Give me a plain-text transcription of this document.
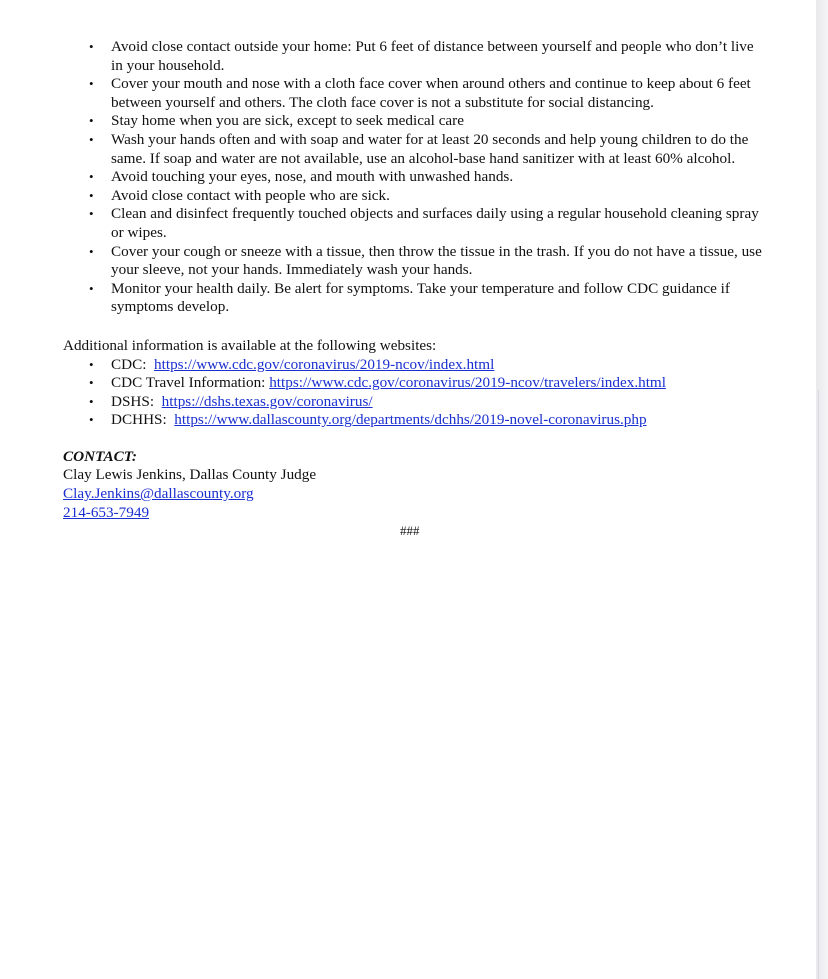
• Avoid close contact outside your home: Put 6 feet of distance between yourself and people who don’t live in your household.
• Cover your mouth and nose with a cloth face cover when around others and continue to keep about 6 feet between yourself and others. The cloth face cover is not a substitute for social distancing.
• Stay home when you are sick, except to seek medical care
• Wash your hands often and with soap and water for at least 20 seconds and help young children to do the same. If soap and water are not available, use an alcohol-base hand sanitizer with at least 60% alcohol.
• Avoid touching your eyes, nose, and mouth with unwashed hands.
• Avoid close contact with people who are sick.
• Clean and disinfect frequently touched objects and surfaces daily using a regular household cleaning spray or wipes.
• Cover your cough or sneeze with a tissue, then throw the tissue in the trash. If you do not have a tissue, use your sleeve, not your hands. Immediately wash your hands.
• Monitor your health daily. Be alert for symptoms. Take your temperature and follow CDC guidance if symptoms develop.

Additional information is available at the following websites:

• CDC:  https://www.cdc.gov/coronavirus/2019-ncov/index.html
• CDC Travel Information: https://www.cdc.gov/coronavirus/2019-ncov/travelers/index.html
• DSHS:  https://dshs.texas.gov/coronavirus/
• DCHHS:  https://www.dallascounty.org/departments/dchhs/2019-novel-coronavirus.php
CONTACT:
Clay Lewis Jenkins, Dallas County Judge
Clay.Jenkins@dallascounty.org
214-653-7949
###
